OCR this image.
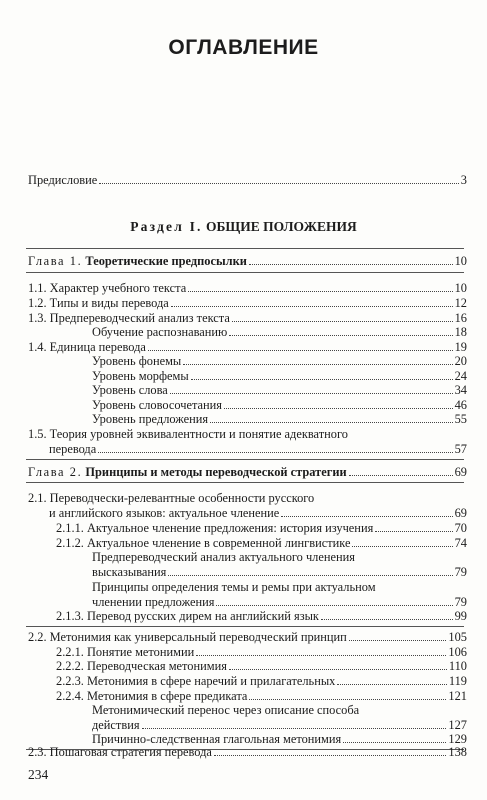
ОГЛАВЛЕНИЕ
Предисловие	3
Раздел I. ОБЩИЕ ПОЛОЖЕНИЯ
Глава 1. Теоретические предпосылки	10
1.1. Характер учебного текста	10
1.2. Типы и виды перевода	12
1.3. Предпереводческий анализ текста	16
Обучение распознаванию	18
1.4. Единица перевода	19
Уровень фонемы	20
Уровень морфемы	24
Уровень слова	34
Уровень словосочетания	46
Уровень предложения	55
1.5. Теория уровней эквивалентности и понятие адекватного
перевода	57
Глава 2. Принципы и методы переводческой стратегии	69
2.1. Переводчески-релевантные особенности русского
и английского языков: актуальное членение	69
2.1.1. Актуальное членение предложения: история изучения	70
2.1.2. Актуальное членение в современной лингвистике	74
Предпереводческий анализ актуального членения
высказывания	79
Принципы определения темы и ремы при актуальном
членении предложения	79
2.1.3. Перевод русских дирем на английский язык	99
2.2. Метонимия как универсальный переводческий принцип	105
2.2.1. Понятие метонимии	106
2.2.2. Переводческая метонимия	110
2.2.3. Метонимия в сфере наречий и прилагательных	119
2.2.4. Метонимия в сфере предиката	121
Метонимический перенос через описание способа
действия	127
Причинно-следственная глагольная метонимия	129
2.3. Пошаговая стратегия перевода	138
234
